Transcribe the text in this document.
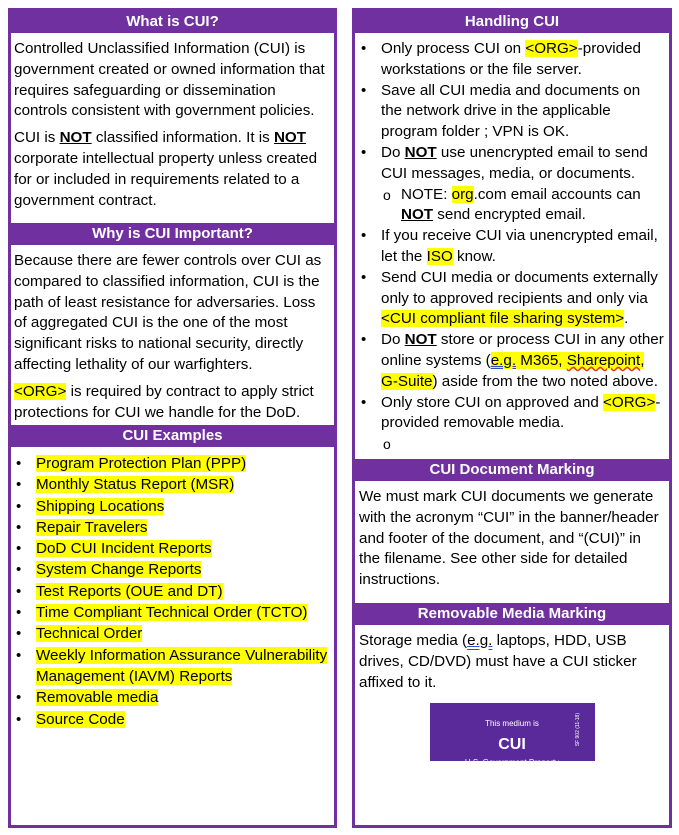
What is CUI?

Controlled Unclassified Information (CUI) is government created or owned information that requires safeguarding or dissemination controls consistent with government policies.

CUI is NOT classified information. It is NOT corporate intellectual property unless created for or included in requirements related to a government contract.

Why is CUI Important?

Because there are fewer controls over CUI as compared to classified information, CUI is the path of least resistance for adversaries. Loss of aggregated CUI is the one of the most significant risks to national security, directly affecting lethality of our warfighters.

<ORG> is required by contract to apply strict protections for CUI we handle for the DoD.

CUI Examples
• Program Protection Plan (PPP)
• Monthly Status Report (MSR)
• Shipping Locations
• Repair Travelers
• DoD CUI Incident Reports
• System Change Reports
• Test Reports (OUE and DT)
• Time Compliant Technical Order (TCTO)
• Technical Order
• Weekly Information Assurance Vulnerability Management (IAVM) Reports
• Removable media
• Source Code
Handling CUI
• Only process CUI on <ORG>-provided workstations or the file server.
• Save all CUI media and documents on the network drive in the applicable program folder ; VPN is OK.
• Do NOT use unencrypted email to send CUI messages, media, or documents.
o NOTE: org.com email accounts can NOT send encrypted email.
• If you receive CUI via unencrypted email, let the ISO know.
• Send CUI media or documents externally only to approved recipients and only via <CUI compliant file sharing system>.
• Do NOT store or process CUI in any other online systems (e.g. M365, Sharepoint, G-Suite) aside from the two noted above.
• Only store CUI on approved and <ORG>-provided removable media.
o
CUI Document Marking

We must mark CUI documents we generate with the acronym “CUI” in the banner/header and footer of the document, and “(CUI)” in the filename. See other side for detailed instructions.

Removable Media Marking

Storage media (e.g. laptops, HDD, USB drives, CD/DVD) must have a CUI sticker affixed to it.

This medium is
CUI
U.S. Government Property
SF 902 (11-18)
